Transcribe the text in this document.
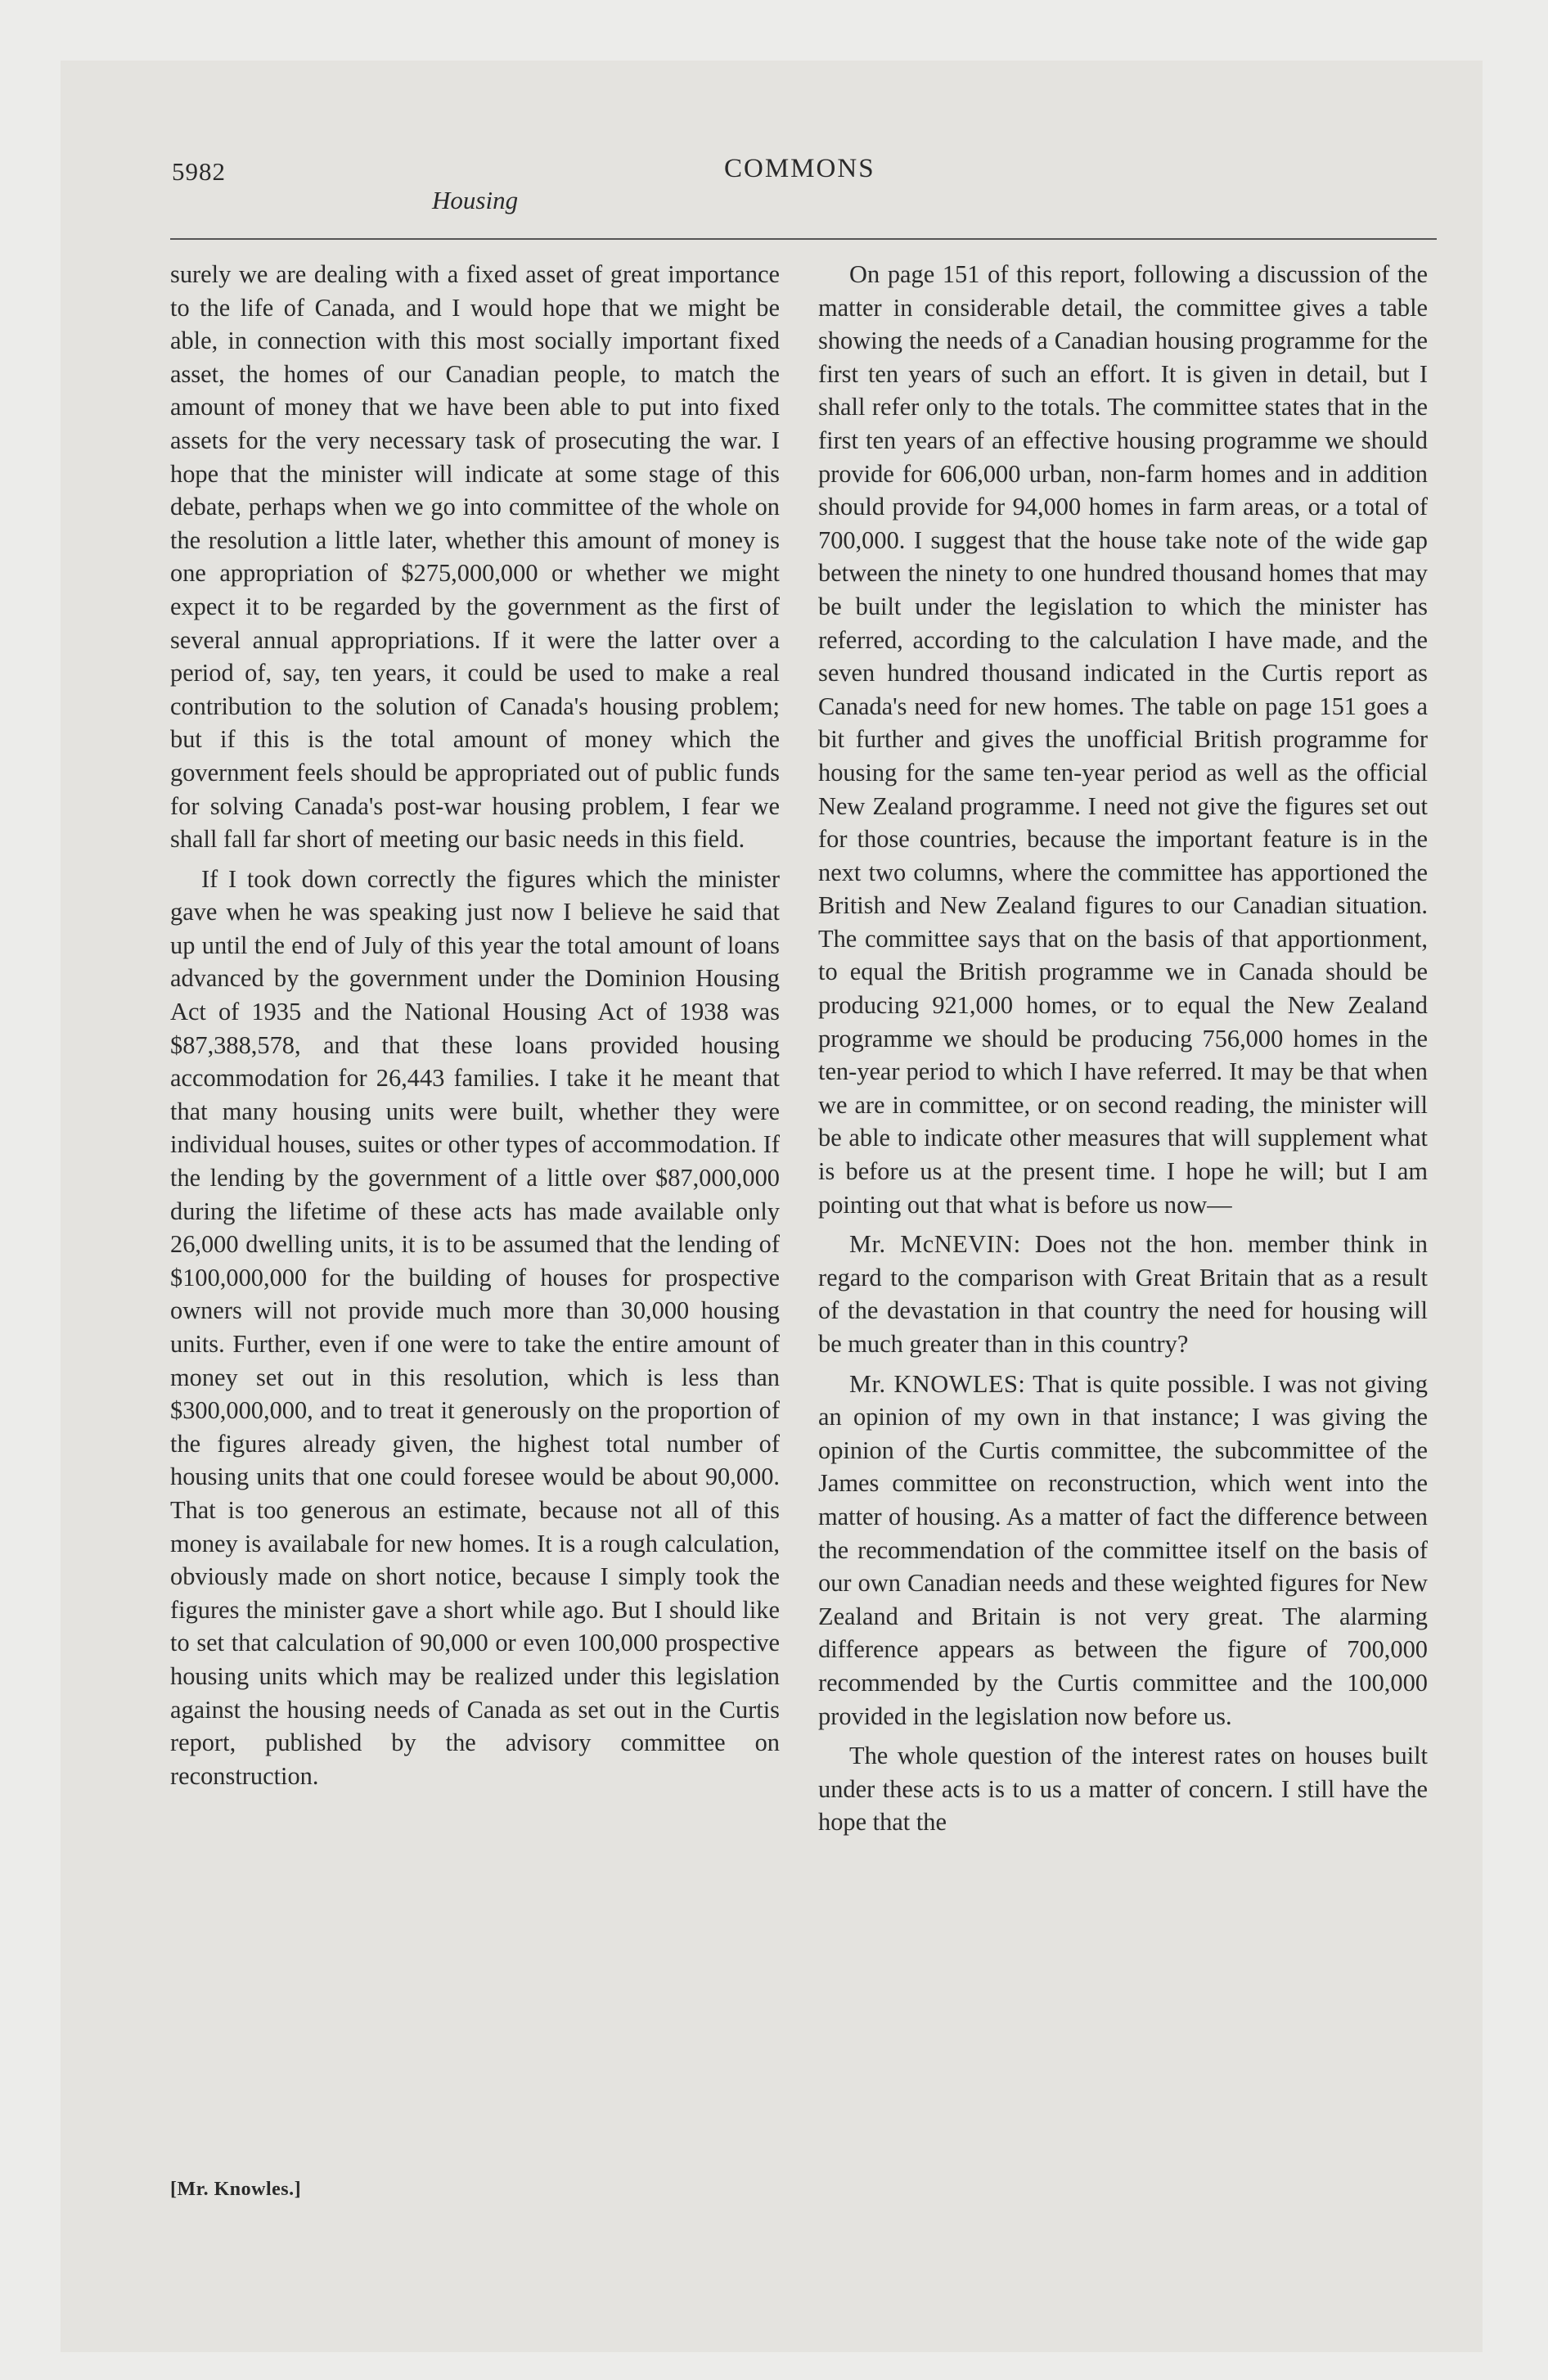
5982	COMMONS
Housing

surely we are dealing with a fixed asset of great importance to the life of Canada, and I would hope that we might be able, in connection with this most socially important fixed asset, the homes of our Canadian people, to match the amount of money that we have been able to put into fixed assets for the very necessary task of prosecuting the war. I hope that the minister will indicate at some stage of this debate, perhaps when we go into committee of the whole on the resolution a little later, whether this amount of money is one appropriation of $275,000,000 or whether we might expect it to be regarded by the government as the first of several annual appropriations. If it were the latter over a period of, say, ten years, it could be used to make a real contribution to the solution of Canada's housing problem; but if this is the total amount of money which the government feels should be appropriated out of public funds for solving Canada's post-war housing problem, I fear we shall fall far short of meeting our basic needs in this field.

If I took down correctly the figures which the minister gave when he was speaking just now I believe he said that up until the end of July of this year the total amount of loans advanced by the government under the Dominion Housing Act of 1935 and the National Housing Act of 1938 was $87,388,578, and that these loans provided housing accommodation for 26,443 families. I take it he meant that that many housing units were built, whether they were individual houses, suites or other types of accommodation. If the lending by the government of a little over $87,000,000 during the lifetime of these acts has made available only 26,000 dwelling units, it is to be assumed that the lending of $100,000,000 for the building of houses for prospective owners will not provide much more than 30,000 housing units. Further, even if one were to take the entire amount of money set out in this resolution, which is less than $300,000,000, and to treat it generously on the proportion of the figures already given, the highest total number of housing units that one could foresee would be about 90,000. That is too generous an estimate, because not all of this money is availabale for new homes. It is a rough calculation, obviously made on short notice, because I simply took the figures the minister gave a short while ago. But I should like to set that calculation of 90,000 or even 100,000 prospective housing units which may be realized under this legislation against the housing needs of Canada as set out in the Curtis report, published by the advisory committee on reconstruction.

On page 151 of this report, following a discussion of the matter in considerable detail, the committee gives a table showing the needs of a Canadian housing programme for the first ten years of such an effort. It is given in detail, but I shall refer only to the totals. The committee states that in the first ten years of an effective housing programme we should provide for 606,000 urban, non-farm homes and in addition should provide for 94,000 homes in farm areas, or a total of 700,000. I suggest that the house take note of the wide gap between the ninety to one hundred thousand homes that may be built under the legislation to which the minister has referred, according to the calculation I have made, and the seven hundred thousand indicated in the Curtis report as Canada's need for new homes. The table on page 151 goes a bit further and gives the unofficial British programme for housing for the same ten-year period as well as the official New Zealand programme. I need not give the figures set out for those countries, because the important feature is in the next two columns, where the committee has apportioned the British and New Zealand figures to our Canadian situation. The committee says that on the basis of that apportionment, to equal the British programme we in Canada should be producing 921,000 homes, or to equal the New Zealand programme we should be producing 756,000 homes in the ten-year period to which I have referred. It may be that when we are in committee, or on second reading, the minister will be able to indicate other measures that will supplement what is before us at the present time. I hope he will; but I am pointing out that what is before us now—

Mr. McNEVIN: Does not the hon. member think in regard to the comparison with Great Britain that as a result of the devastation in that country the need for housing will be much greater than in this country?

Mr. KNOWLES: That is quite possible. I was not giving an opinion of my own in that instance; I was giving the opinion of the Curtis committee, the subcommittee of the James committee on reconstruction, which went into the matter of housing. As a matter of fact the difference between the recommendation of the committee itself on the basis of our own Canadian needs and these weighted figures for New Zealand and Britain is not very great. The alarming difference appears as between the figure of 700,000 recommended by the Curtis committee and the 100,000 provided in the legislation now before us.

The whole question of the interest rates on houses built under these acts is to us a matter of concern. I still have the hope that the

[Mr. Knowles.]
